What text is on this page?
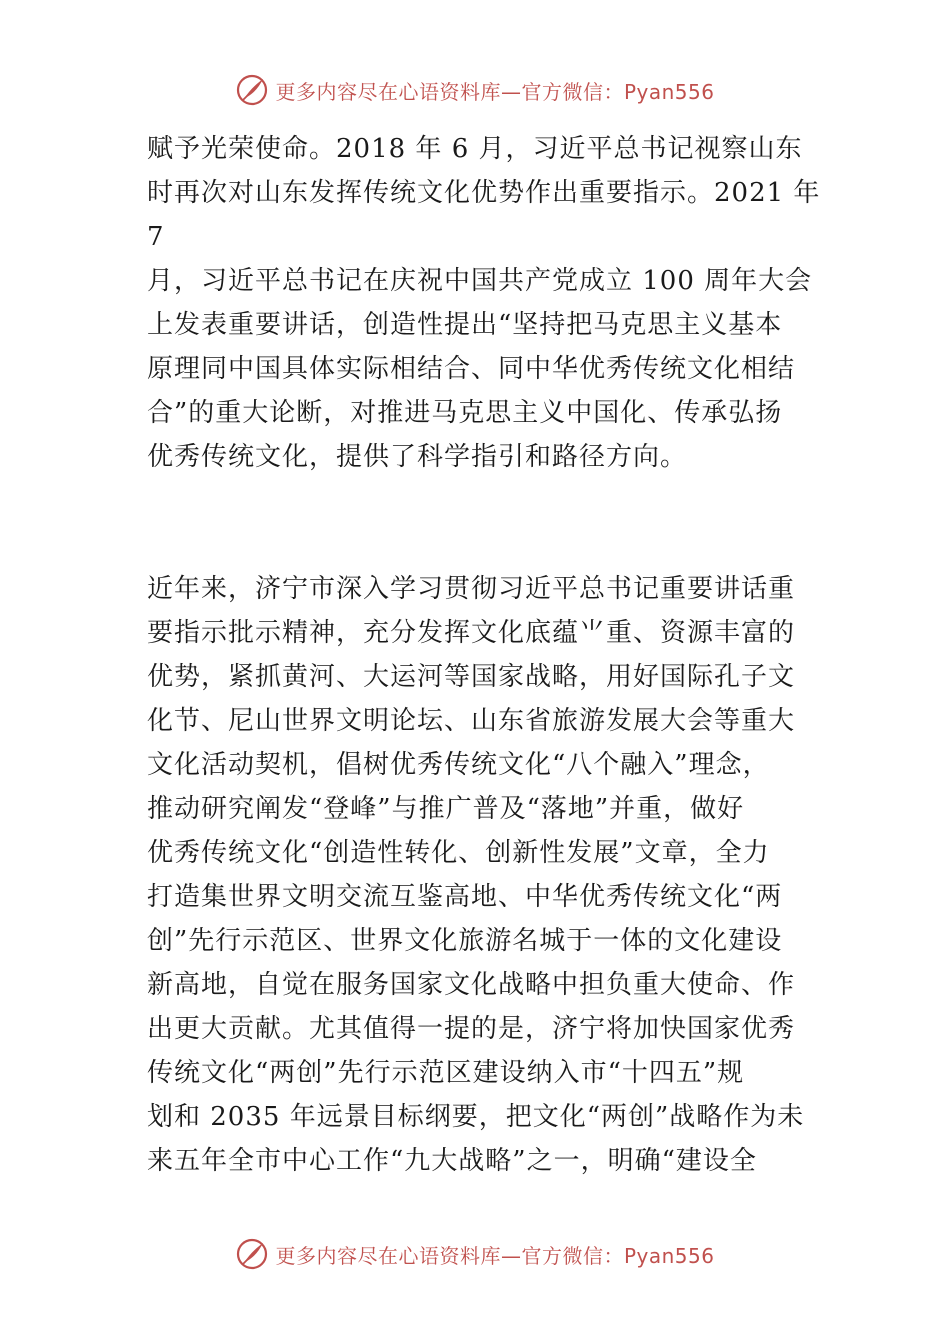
更多内容尽在心语资料库—官方微信：Pyan556
赋予光荣使命。2018 年 6 月，习近平总书记视察山东
时再次对山东发挥传统文化优势作出重要指示。2021 年
7
月，习近平总书记在庆祝中国共产党成立 100 周年大会
上发表重要讲话，创造性提出“坚持把马克思主义基本
原理同中国具体实际相结合、同中华优秀传统文化相结
合”的重大论断，对推进马克思主义中国化、传承弘扬
优秀传统文化，提供了科学指引和路径方向。
近年来，济宁市深入学习贯彻习近平总书记重要讲话重
要指示批示精神，充分发挥文化底蕴⺌重、资源丰富的
优势，紧抓黄河、大运河等国家战略，用好国际孔子文
化节、尼山世界文明论坛、山东省旅游发展大会等重大
文化活动契机，倡树优秀传统文化“八个融入”理念，
推动研究阐发“登峰”与推广普及“落地”并重，做好
优秀传统文化“创造性转化、创新性发展”文章，全力
打造集世界文明交流互鉴高地、中华优秀传统文化“两
创”先行示范区、世界文化旅游名城于一体的文化建设
新高地，自觉在服务国家文化战略中担负重大使命、作
出更大贡献。尤其值得一提的是，济宁将加快国家优秀
传统文化“两创”先行示范区建设纳入市“十四五”规
划和 2035 年远景目标纲要，把文化“两创”战略作为未
来五年全市中心工作“九大战略”之一，明确“建设全
更多内容尽在心语资料库—官方微信：Pyan556
